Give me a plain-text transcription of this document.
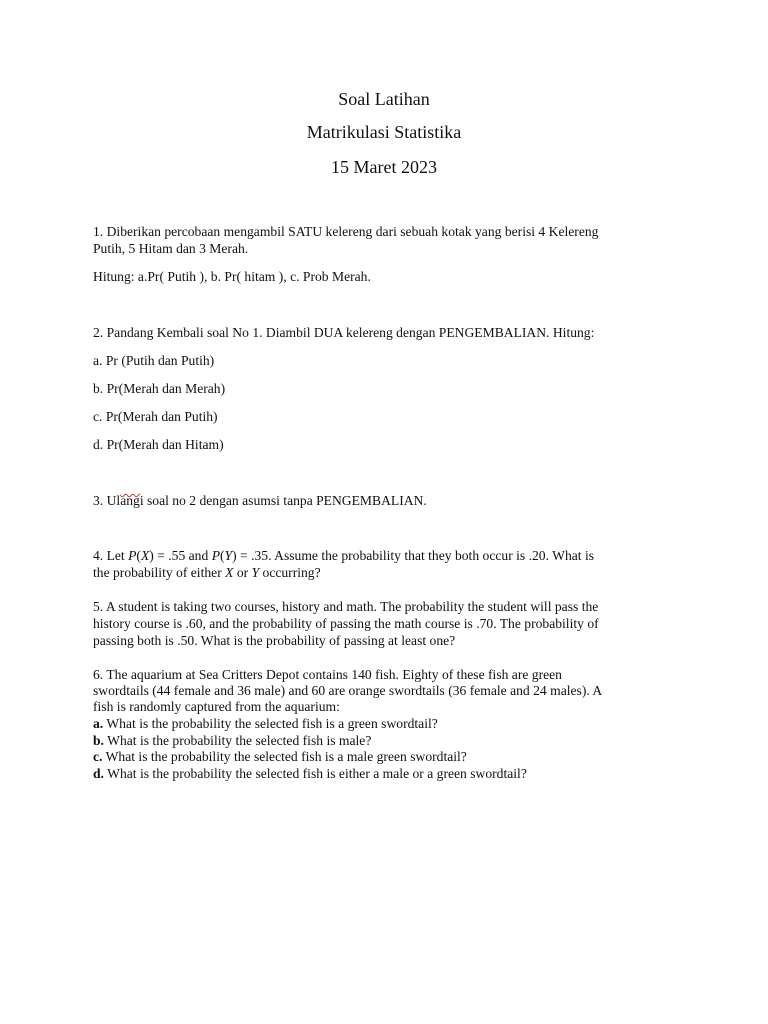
Soal Latihan
Matrikulasi Statistika
15 Maret 2023
1. Diberikan percobaan mengambil SATU kelereng dari sebuah kotak yang berisi 4 Kelereng
Putih, 5 Hitam dan 3 Merah.
Hitung: a.Pr( Putih ), b. Pr( hitam ), c. Prob Merah.
2. Pandang Kembali soal No 1. Diambil DUA kelereng dengan PENGEMBALIAN. Hitung:
a. Pr (Putih dan Putih)
b. Pr(Merah dan Merah)
c. Pr(Merah dan Putih)
d. Pr(Merah dan Hitam)
3. Ulangi soal no 2 dengan asumsi tanpa PENGEMBALIAN.
4. Let P(X) = .55 and P(Y) = .35. Assume the probability that they both occur is .20. What is
the probability of either X or Y occurring?
5. A student is taking two courses, history and math. The probability the student will pass the
history course is .60, and the probability of passing the math course is .70. The probability of
passing both is .50. What is the probability of passing at least one?
6. The aquarium at Sea Critters Depot contains 140 fish. Eighty of these fish are green
swordtails (44 female and 36 male) and 60 are orange swordtails (36 female and 24 males). A
fish is randomly captured from the aquarium:
a. What is the probability the selected fish is a green swordtail?
b. What is the probability the selected fish is male?
c. What is the probability the selected fish is a male green swordtail?
d. What is the probability the selected fish is either a male or a green swordtail?
